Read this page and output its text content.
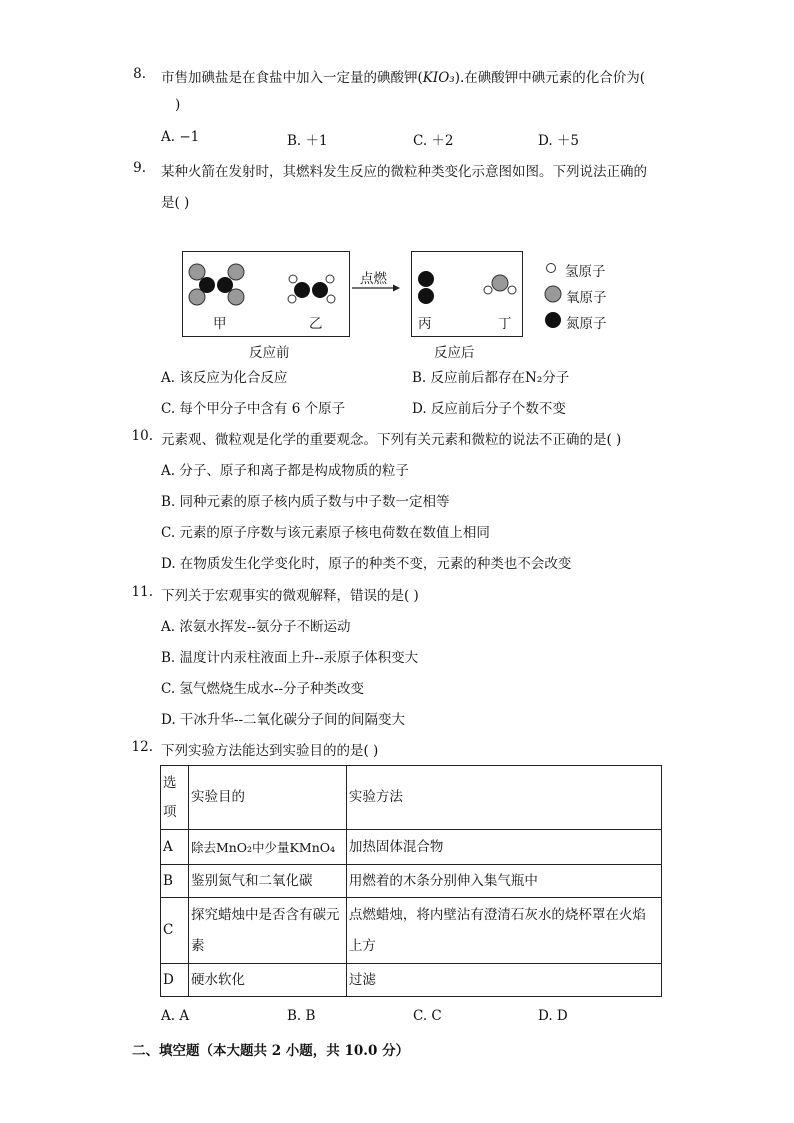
8. 市售加碘盐是在食盐中加入一定量的碘酸钾(KIO₃).在碘酸钾中碘元素的化合价为(
)
A. −1	B. ＋1	C. ＋2	D. ＋5
9. 某种火箭在发射时，其燃料发生反应的微粒种类变化示意图如图。下列说法正确的
是( )
点燃
甲	乙	丙	丁
反应前	反应后
氢原子
氧原子
氮原子
A. 该反应为化合反应	B. 反应前后都存在N₂分子
C. 每个甲分子中含有 6 个原子	D. 反应前后分子个数不变
10. 元素观、微粒观是化学的重要观念。下列有关元素和微粒的说法不正确的是( )
A. 分子、原子和离子都是构成物质的粒子
B. 同种元素的原子核内质子数与中子数一定相等
C. 元素的原子序数与该元素原子核电荷数在数值上相同
D. 在物质发生化学变化时，原子的种类不变，元素的种类也不会改变
11. 下列关于宏观事实的微观解释，错误的是( )
A. 浓氨水挥发--氨分子不断运动
B. 温度计内汞柱液面上升--汞原子体积变大
C. 氢气燃烧生成水--分子种类改变
D. 干冰升华--二氧化碳分子间的间隔变大
12. 下列实验方法能达到实验目的的是( )
选项	实验目的	实验方法
A	除去MnO₂中少量KMnO₄	加热固体混合物
B	鉴别氮气和二氧化碳	用燃着的木条分别伸入集气瓶中
C	探究蜡烛中是否含有碳元素	点燃蜡烛，将内壁沾有澄清石灰水的烧杯罩在火焰上方
D	硬水软化	过滤
A. A	B. B	C. C	D. D
二、填空题（本大题共 2 小题，共 10.0 分）
